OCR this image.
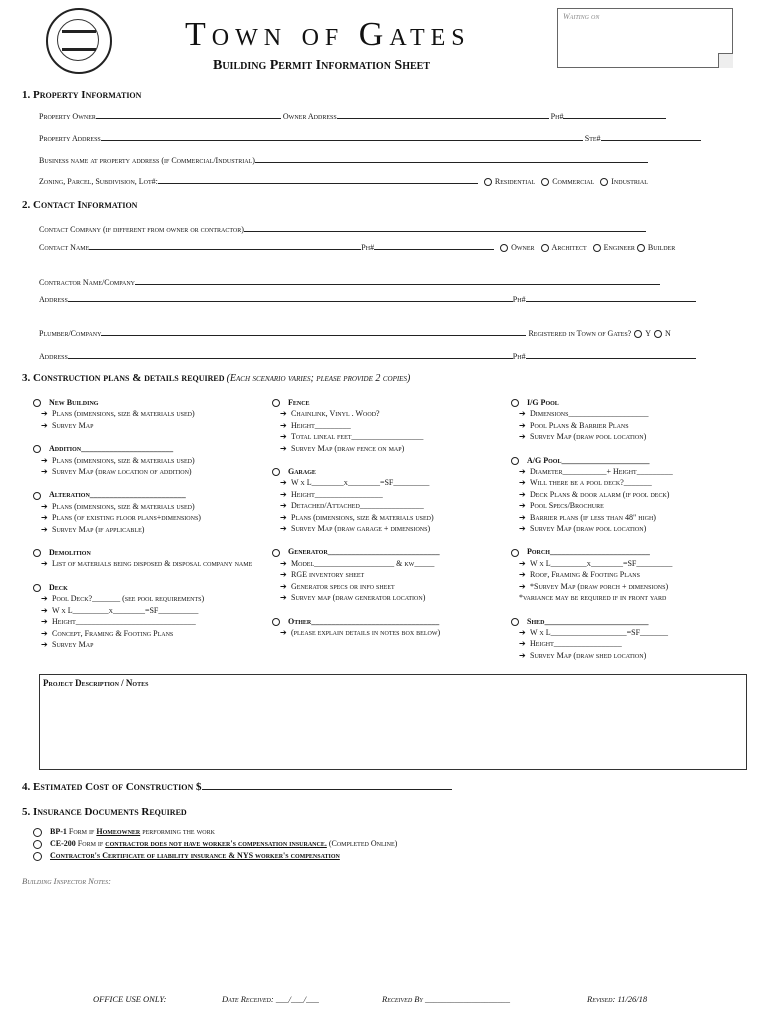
Town of Gates
Building Permit Information Sheet
Waiting on
1. Property Information
Property Owner	Owner Address	Ph#
Property Address	Ste#
Business name at property address (if Commercial/Industrial)
Zoning, Parcel, Subdivision, Lot#:	Residential Commercial Industrial
2. Contact Information
Contact Company (if different from owner or contractor)
Contact Name	Ph#	Owner Architect Engineer Builder
Contractor Name/Company
Address	Ph#
Plumber/Company	Registered in Town of Gates? Y N
Address	Ph#
3. Construction plans & details required (Each scenario varies; please provide 2 copies)
New Building
➔ Plans (dimensions, size & materials used)
➔ Survey Map
Addition_______________________
➔ Plans (dimensions, size & materials used)
➔ Survey Map (draw location of addition)
Alteration________________________
➔ Plans (dimensions, size & materials used)
➔ Plans (of existing floor plans+dimensions)
➔ Survey Map (if applicable)
Demolition
➔ List of materials being disposed & disposal company name
Deck
➔ Pool Deck?_______ (see pool requirements)
➔ W x L_________x________=SF__________
➔ Height______________________________
➔ Concept, Framing & Footing Plans
➔ Survey Map
Fence
➔ Chainlink, Vinyl . Wood?
➔ Height_________
➔ Total lineal feet__________________
➔ Survey Map (draw fence on map)
Garage
➔ W x L________x________=SF_________
➔ Height_________________
➔ Detached/Attached________________
➔ Plans (dimensions, size & materials used)
➔ Survey Map (draw garage + dimensions)
Generator____________________________
➔ Model____________________ & kw_____
➔ RGE inventory sheet
➔ Generator specs or info sheet
➔ Survey map (draw generator location)
Other________________________________
➔ (please explain details in notes box below)
I/G Pool
➔ Dimensions____________________
➔ Pool Plans & Barrier Plans
➔ Survey Map (draw pool location)
A/G Pool______________________
➔ Diameter___________+ Height_________
➔ Will there be a pool deck?_______
➔ Deck Plans & door alarm (if pool deck)
➔ Pool Specs/Brochure
➔ Barrier plans (if less than 48" high)
➔ Survey Map (draw pool location)
Porch_________________________
➔ W x L_________x________=SF_________
➔ Roof, Framing & Footing Plans
➔ *Survey Map (draw porch + dimensions)
*variance may be required if in front yard
Shed__________________________
➔ W x L___________________=SF_______
➔ Height_________________
➔ Survey Map (draw shed location)
Project Description / Notes
4. Estimated Cost of Construction $
5. Insurance Documents Required
BP-1 Form if Homeowner performing the work
CE-200 Form if contractor does not have worker's compensation insurance. (Completed Online)
Contractor's Certificate of liability insurance & NYS worker's compensation
Building Inspector Notes:
OFFICE USE ONLY:	Date Received: ___/___/___	Received By ____________________	Revised: 11/26/18
